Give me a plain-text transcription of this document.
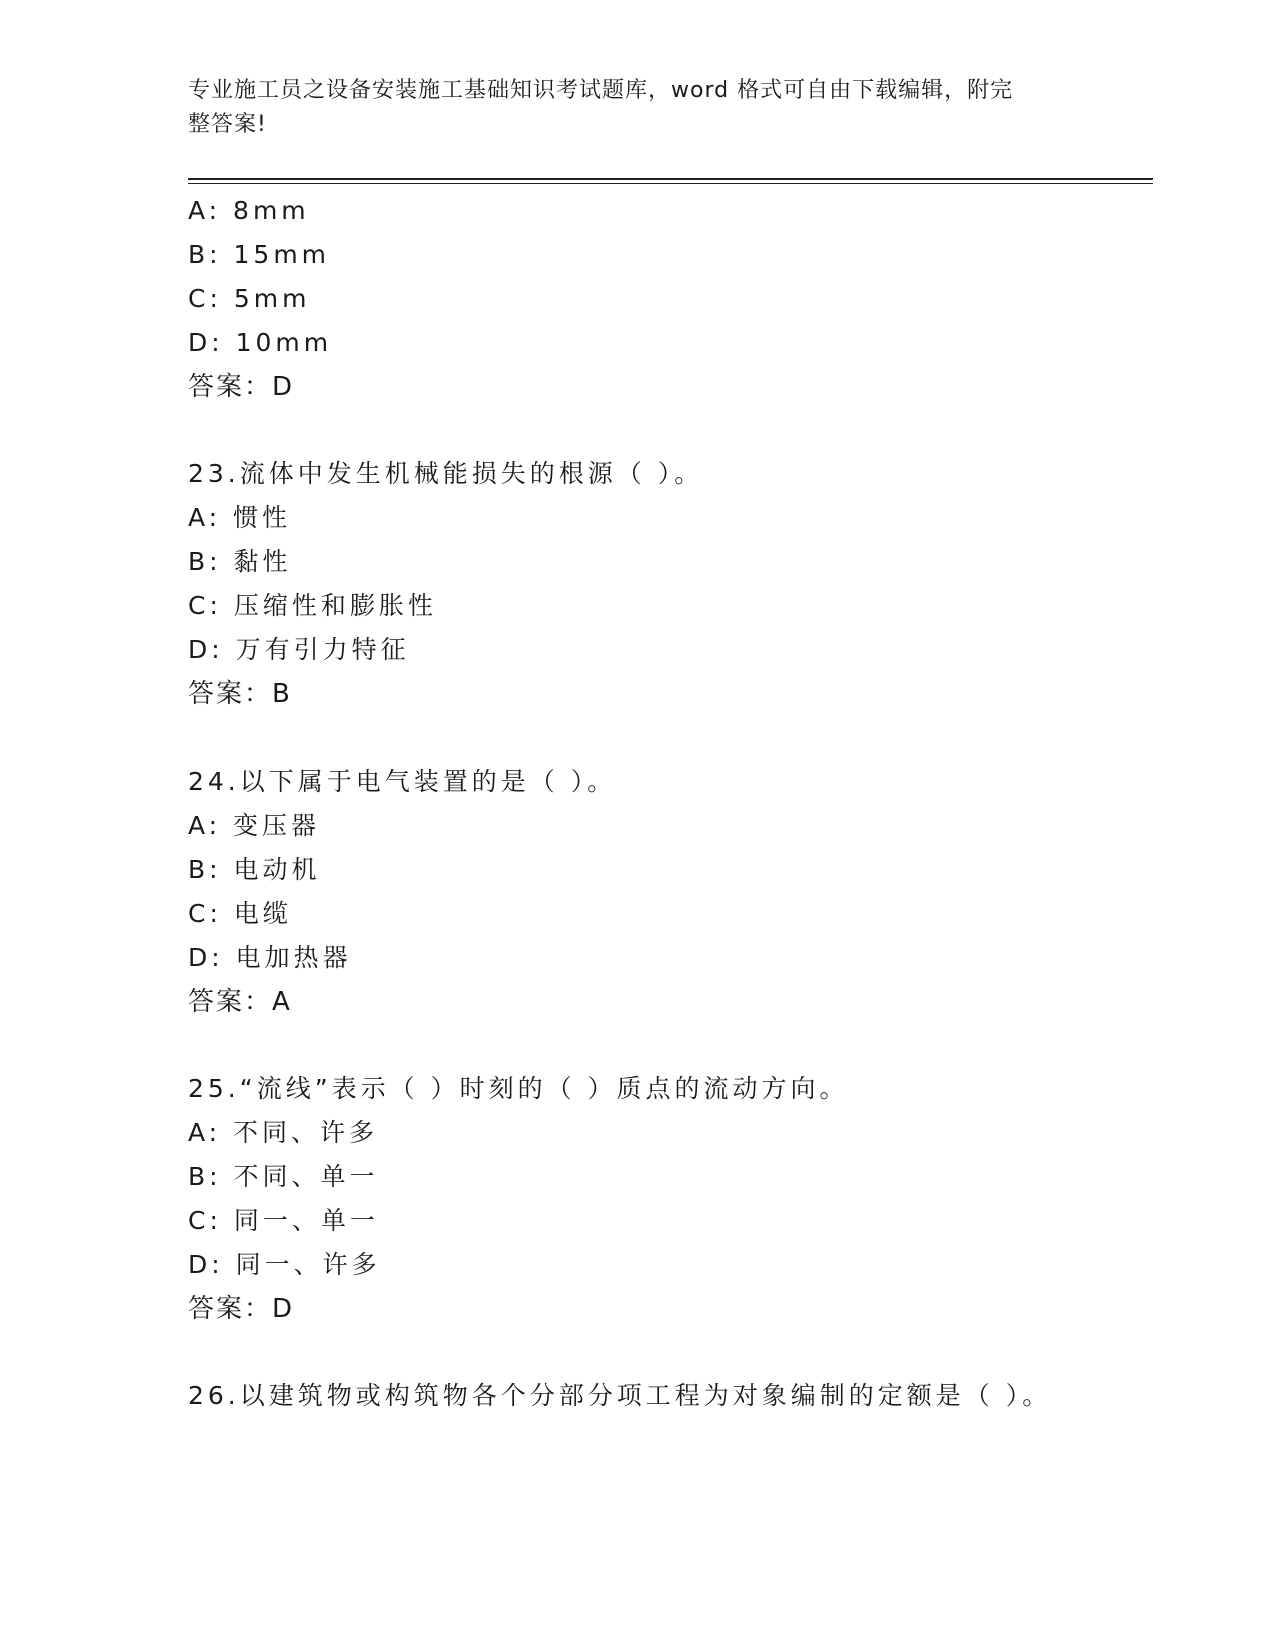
专业施工员之设备安装施工基础知识考试题库，word 格式可自由下载编辑，附完
整答案!
A: 8mm
B: 15mm
C: 5mm
D: 10mm
答案：D
23.流体中发生机械能损失的根源（ ）。
A: 惯性
B: 黏性
C: 压缩性和膨胀性
D: 万有引力特征
答案：B
24.以下属于电气装置的是（ ）。
A: 变压器
B: 电动机
C: 电缆
D: 电加热器
答案：A
25.“流线”表示（ ）时刻的（ ）质点的流动方向。
A: 不同、许多
B: 不同、单一
C: 同一、单一
D: 同一、许多
答案：D
26.以建筑物或构筑物各个分部分项工程为对象编制的定额是（ ）。
